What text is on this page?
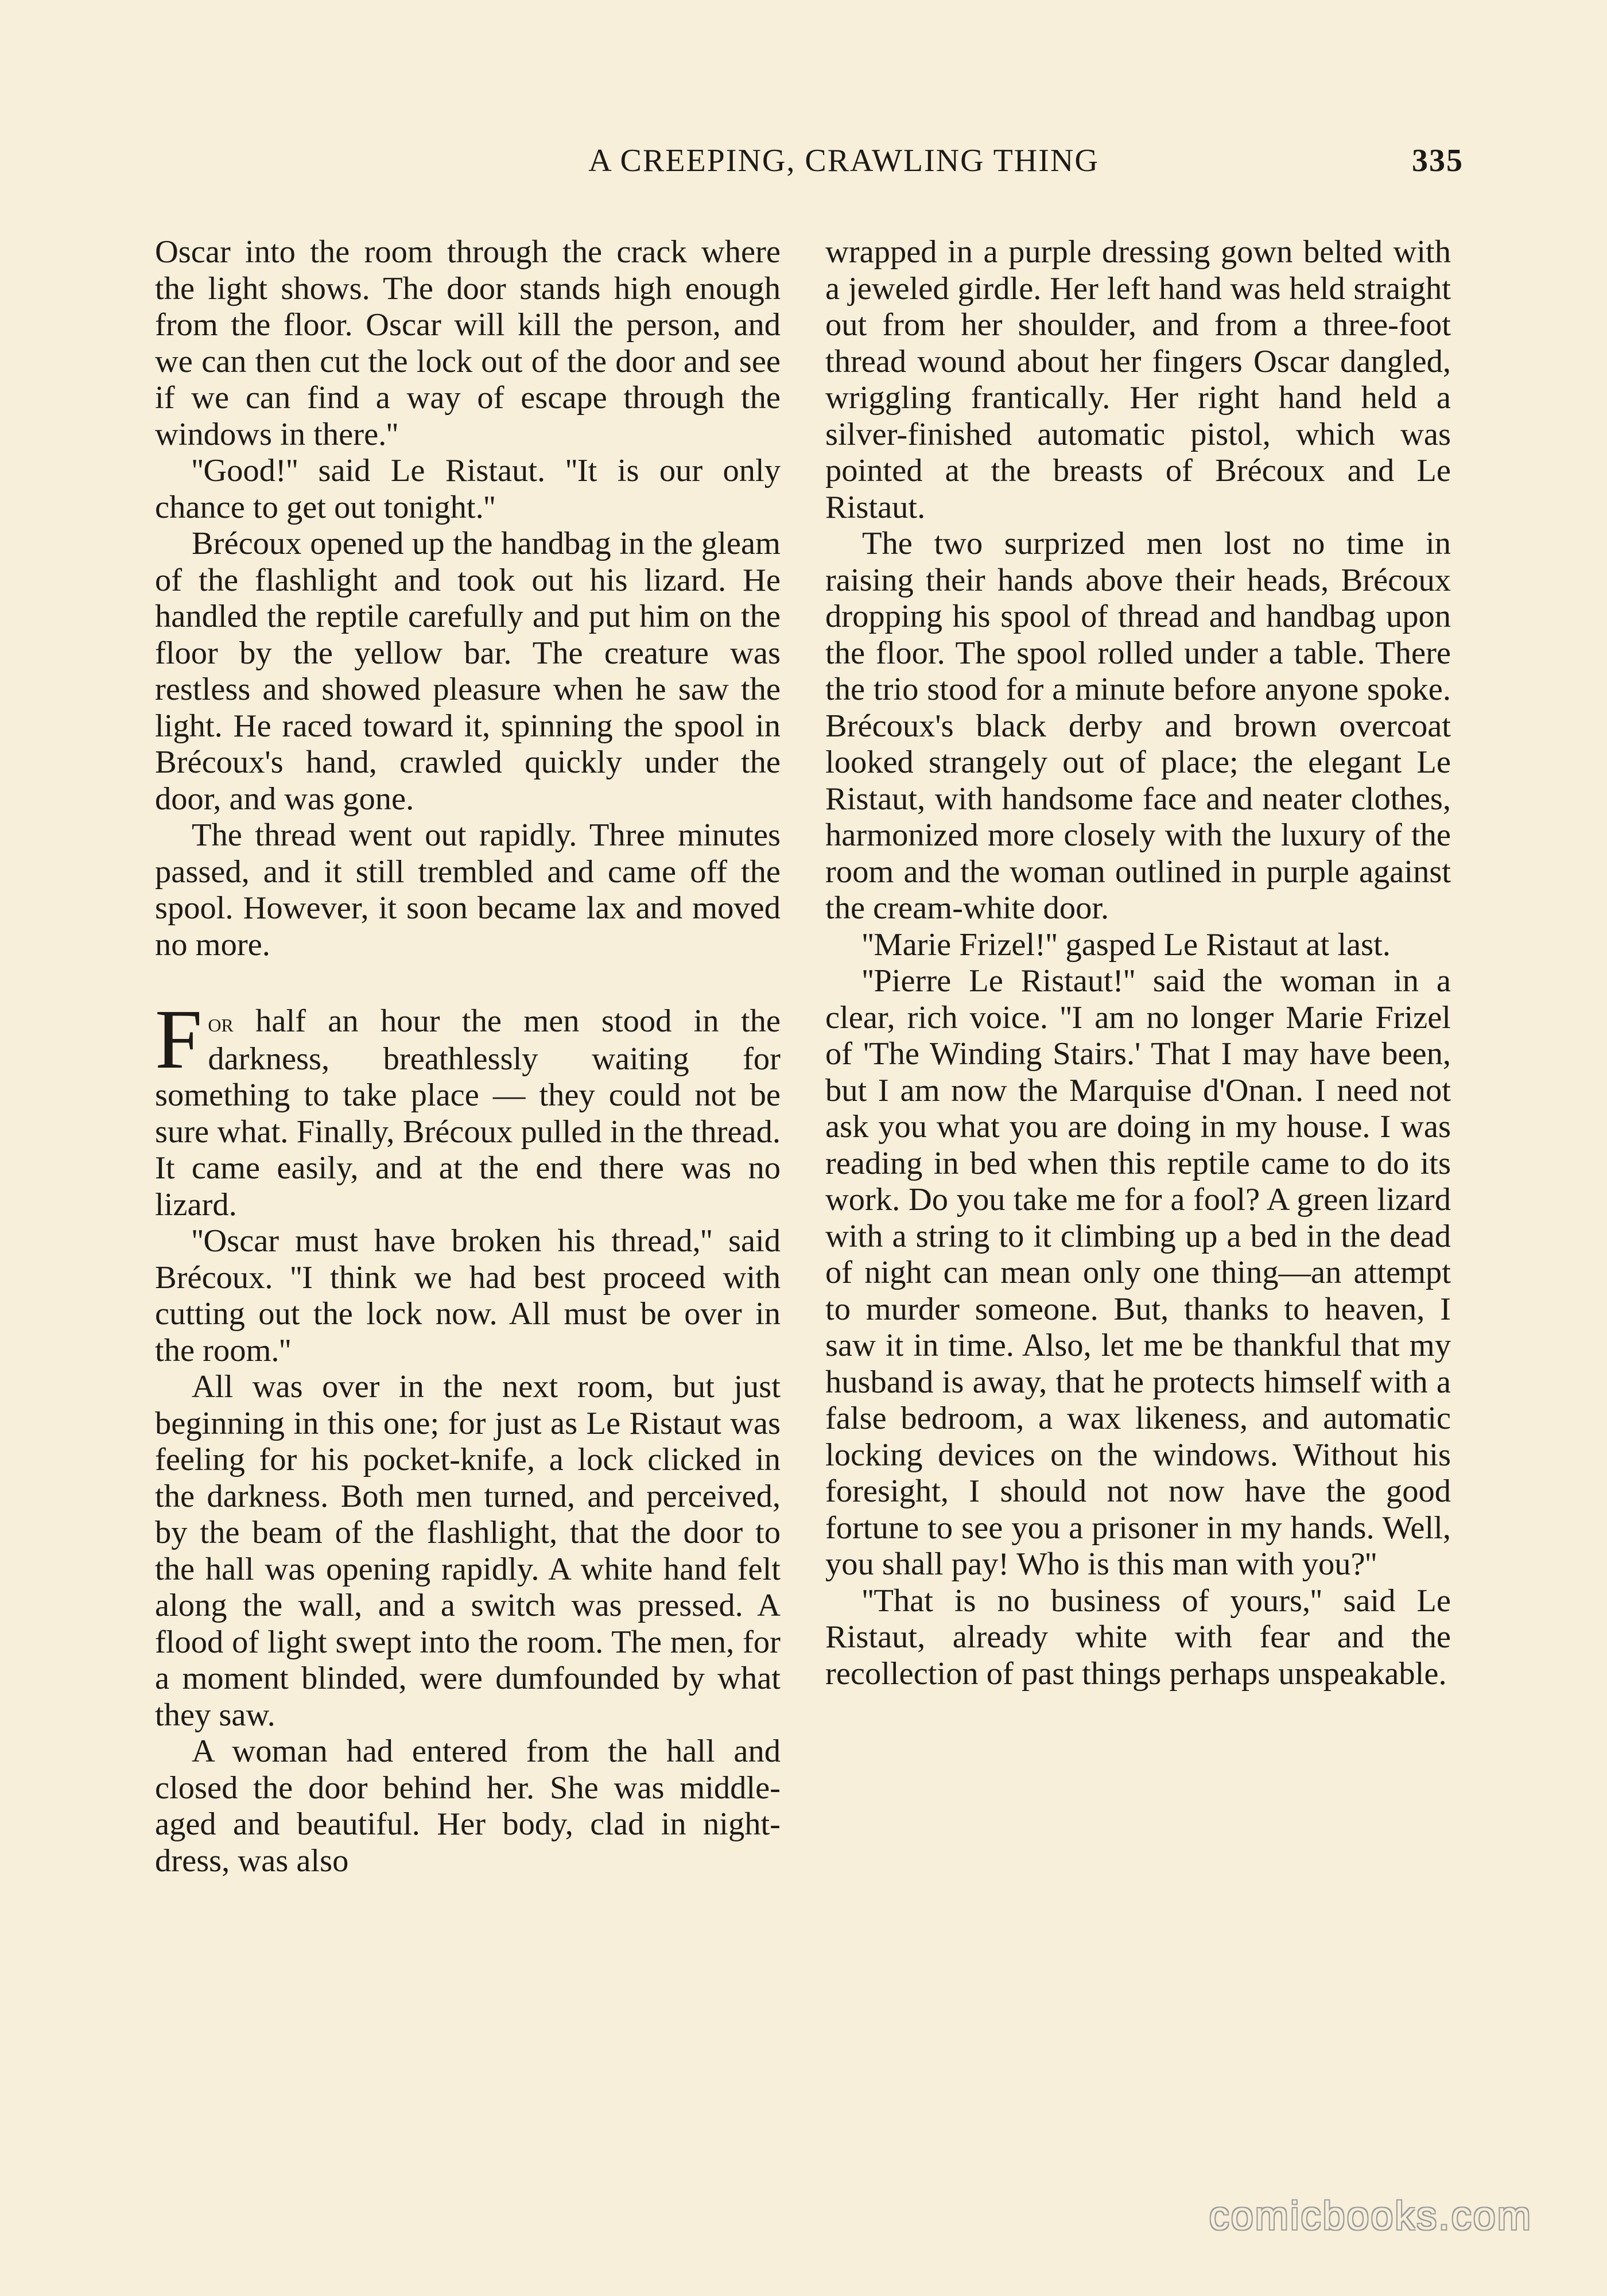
A CREEPING, CRAWLING THING	335

Oscar into the room through the crack where the light shows. The door stands high enough from the floor. Oscar will kill the person, and we can then cut the lock out of the door and see if we can find a way of escape through the windows in there.''

''Good!'' said Le Ristaut. ''It is our only chance to get out tonight.''

Brécoux opened up the handbag in the gleam of the flashlight and took out his lizard. He handled the reptile carefully and put him on the floor by the yellow bar. The creature was restless and showed pleasure when he saw the light. He raced toward it, spinning the spool in Brécoux's hand, crawled quickly under the door, and was gone.

The thread went out rapidly. Three minutes passed, and it still trembled and came off the spool. However, it soon became lax and moved no more.

For half an hour the men stood in the darkness, breathlessly waiting for something to take place — they could not be sure what. Finally, Brécoux pulled in the thread. It came easily, and at the end there was no lizard.

''Oscar must have broken his thread,'' said Brécoux. ''I think we had best proceed with cutting out the lock now. All must be over in the room.''

All was over in the next room, but just beginning in this one; for just as Le Ristaut was feeling for his pocket-knife, a lock clicked in the darkness. Both men turned, and perceived, by the beam of the flashlight, that the door to the hall was opening rapidly. A white hand felt along the wall, and a switch was pressed. A flood of light swept into the room. The men, for a moment blinded, were dumfounded by what they saw.

A woman had entered from the hall and closed the door behind her. She was middle-aged and beautiful. Her body, clad in night-dress, was also

wrapped in a purple dressing gown belted with a jeweled girdle. Her left hand was held straight out from her shoulder, and from a three-foot thread wound about her fingers Oscar dangled, wriggling frantically. Her right hand held a silver-finished automatic pistol, which was pointed at the breasts of Brécoux and Le Ristaut.

The two surprized men lost no time in raising their hands above their heads, Brécoux dropping his spool of thread and handbag upon the floor. The spool rolled under a table. There the trio stood for a minute before anyone spoke. Brécoux's black derby and brown overcoat looked strangely out of place; the elegant Le Ristaut, with handsome face and neater clothes, harmonized more closely with the luxury of the room and the woman outlined in purple against the cream-white door.

''Marie Frizel!'' gasped Le Ristaut at last.

''Pierre Le Ristaut!'' said the woman in a clear, rich voice. ''I am no longer Marie Frizel of 'The Winding Stairs.' That I may have been, but I am now the Marquise d'Onan. I need not ask you what you are doing in my house. I was reading in bed when this reptile came to do its work. Do you take me for a fool? A green lizard with a string to it climbing up a bed in the dead of night can mean only one thing—an attempt to murder someone. But, thanks to heaven, I saw it in time. Also, let me be thankful that my husband is away, that he protects himself with a false bedroom, a wax likeness, and automatic locking devices on the windows. Without his foresight, I should not now have the good fortune to see you a prisoner in my hands. Well, you shall pay! Who is this man with you?''

''That is no business of yours,'' said Le Ristaut, already white with fear and the recollection of past things perhaps unspeakable.

comicbooks.com
